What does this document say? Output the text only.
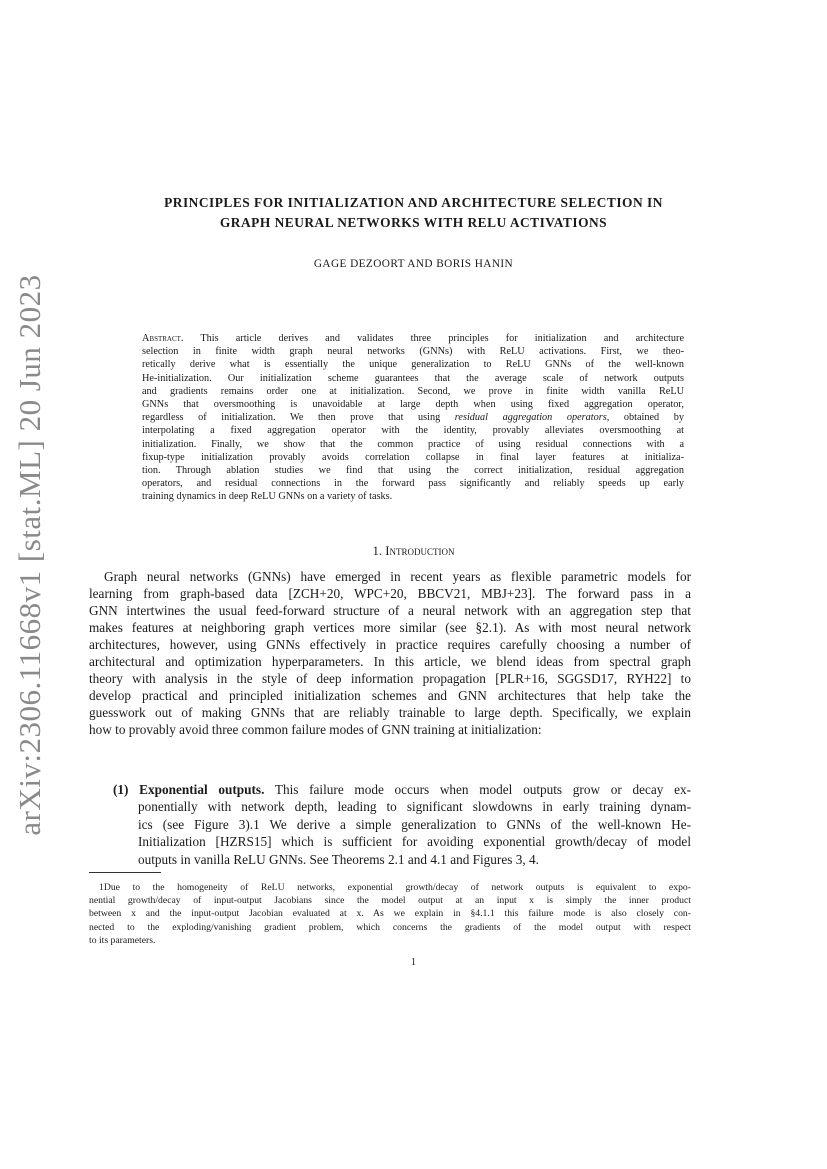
arXiv:2306.11668v1 [stat.ML] 20 Jun 2023
PRINCIPLES FOR INITIALIZATION AND ARCHITECTURE SELECTION IN
GRAPH NEURAL NETWORKS WITH RELU ACTIVATIONS
GAGE DEZOORT AND BORIS HANIN
Abstract. This article derives and validates three principles for initialization and architecture
selection in finite width graph neural networks (GNNs) with ReLU activations. First, we theo-
retically derive what is essentially the unique generalization to ReLU GNNs of the well-known
He-initialization. Our initialization scheme guarantees that the average scale of network outputs
and gradients remains order one at initialization. Second, we prove in finite width vanilla ReLU
GNNs that oversmoothing is unavoidable at large depth when using fixed aggregation operator,
regardless of initialization. We then prove that using residual aggregation operators, obtained by
interpolating a fixed aggregation operator with the identity, provably alleviates oversmoothing at
initialization. Finally, we show that the common practice of using residual connections with a
fixup-type initialization provably avoids correlation collapse in final layer features at initializa-
tion. Through ablation studies we find that using the correct initialization, residual aggregation
operators, and residual connections in the forward pass significantly and reliably speeds up early
training dynamics in deep ReLU GNNs on a variety of tasks.
1. Introduction
Graph neural networks (GNNs) have emerged in recent years as flexible parametric models for
learning from graph-based data [ZCH+20, WPC+20, BBCV21, MBJ+23]. The forward pass in a
GNN intertwines the usual feed-forward structure of a neural network with an aggregation step that
makes features at neighboring graph vertices more similar (see §2.1). As with most neural network
architectures, however, using GNNs effectively in practice requires carefully choosing a number of
architectural and optimization hyperparameters. In this article, we blend ideas from spectral graph
theory with analysis in the style of deep information propagation [PLR+16, SGGSD17, RYH22] to
develop practical and principled initialization schemes and GNN architectures that help take the
guesswork out of making GNNs that are reliably trainable to large depth. Specifically, we explain
how to provably avoid three common failure modes of GNN training at initialization:
(1) Exponential outputs. This failure mode occurs when model outputs grow or decay ex-
ponentially with network depth, leading to significant slowdowns in early training dynam-
ics (see Figure 3).1 We derive a simple generalization to GNNs of the well-known He-
Initialization [HZRS15] which is sufficient for avoiding exponential growth/decay of model
outputs in vanilla ReLU GNNs. See Theorems 2.1 and 4.1 and Figures 3, 4.
1Due to the homogeneity of ReLU networks, exponential growth/decay of network outputs is equivalent to expo-
nential growth/decay of input-output Jacobians since the model output at an input x is simply the inner product
between x and the input-output Jacobian evaluated at x. As we explain in §4.1.1 this failure mode is also closely con-
nected to the exploding/vanishing gradient problem, which concerns the gradients of the model output with respect
to its parameters.
1
